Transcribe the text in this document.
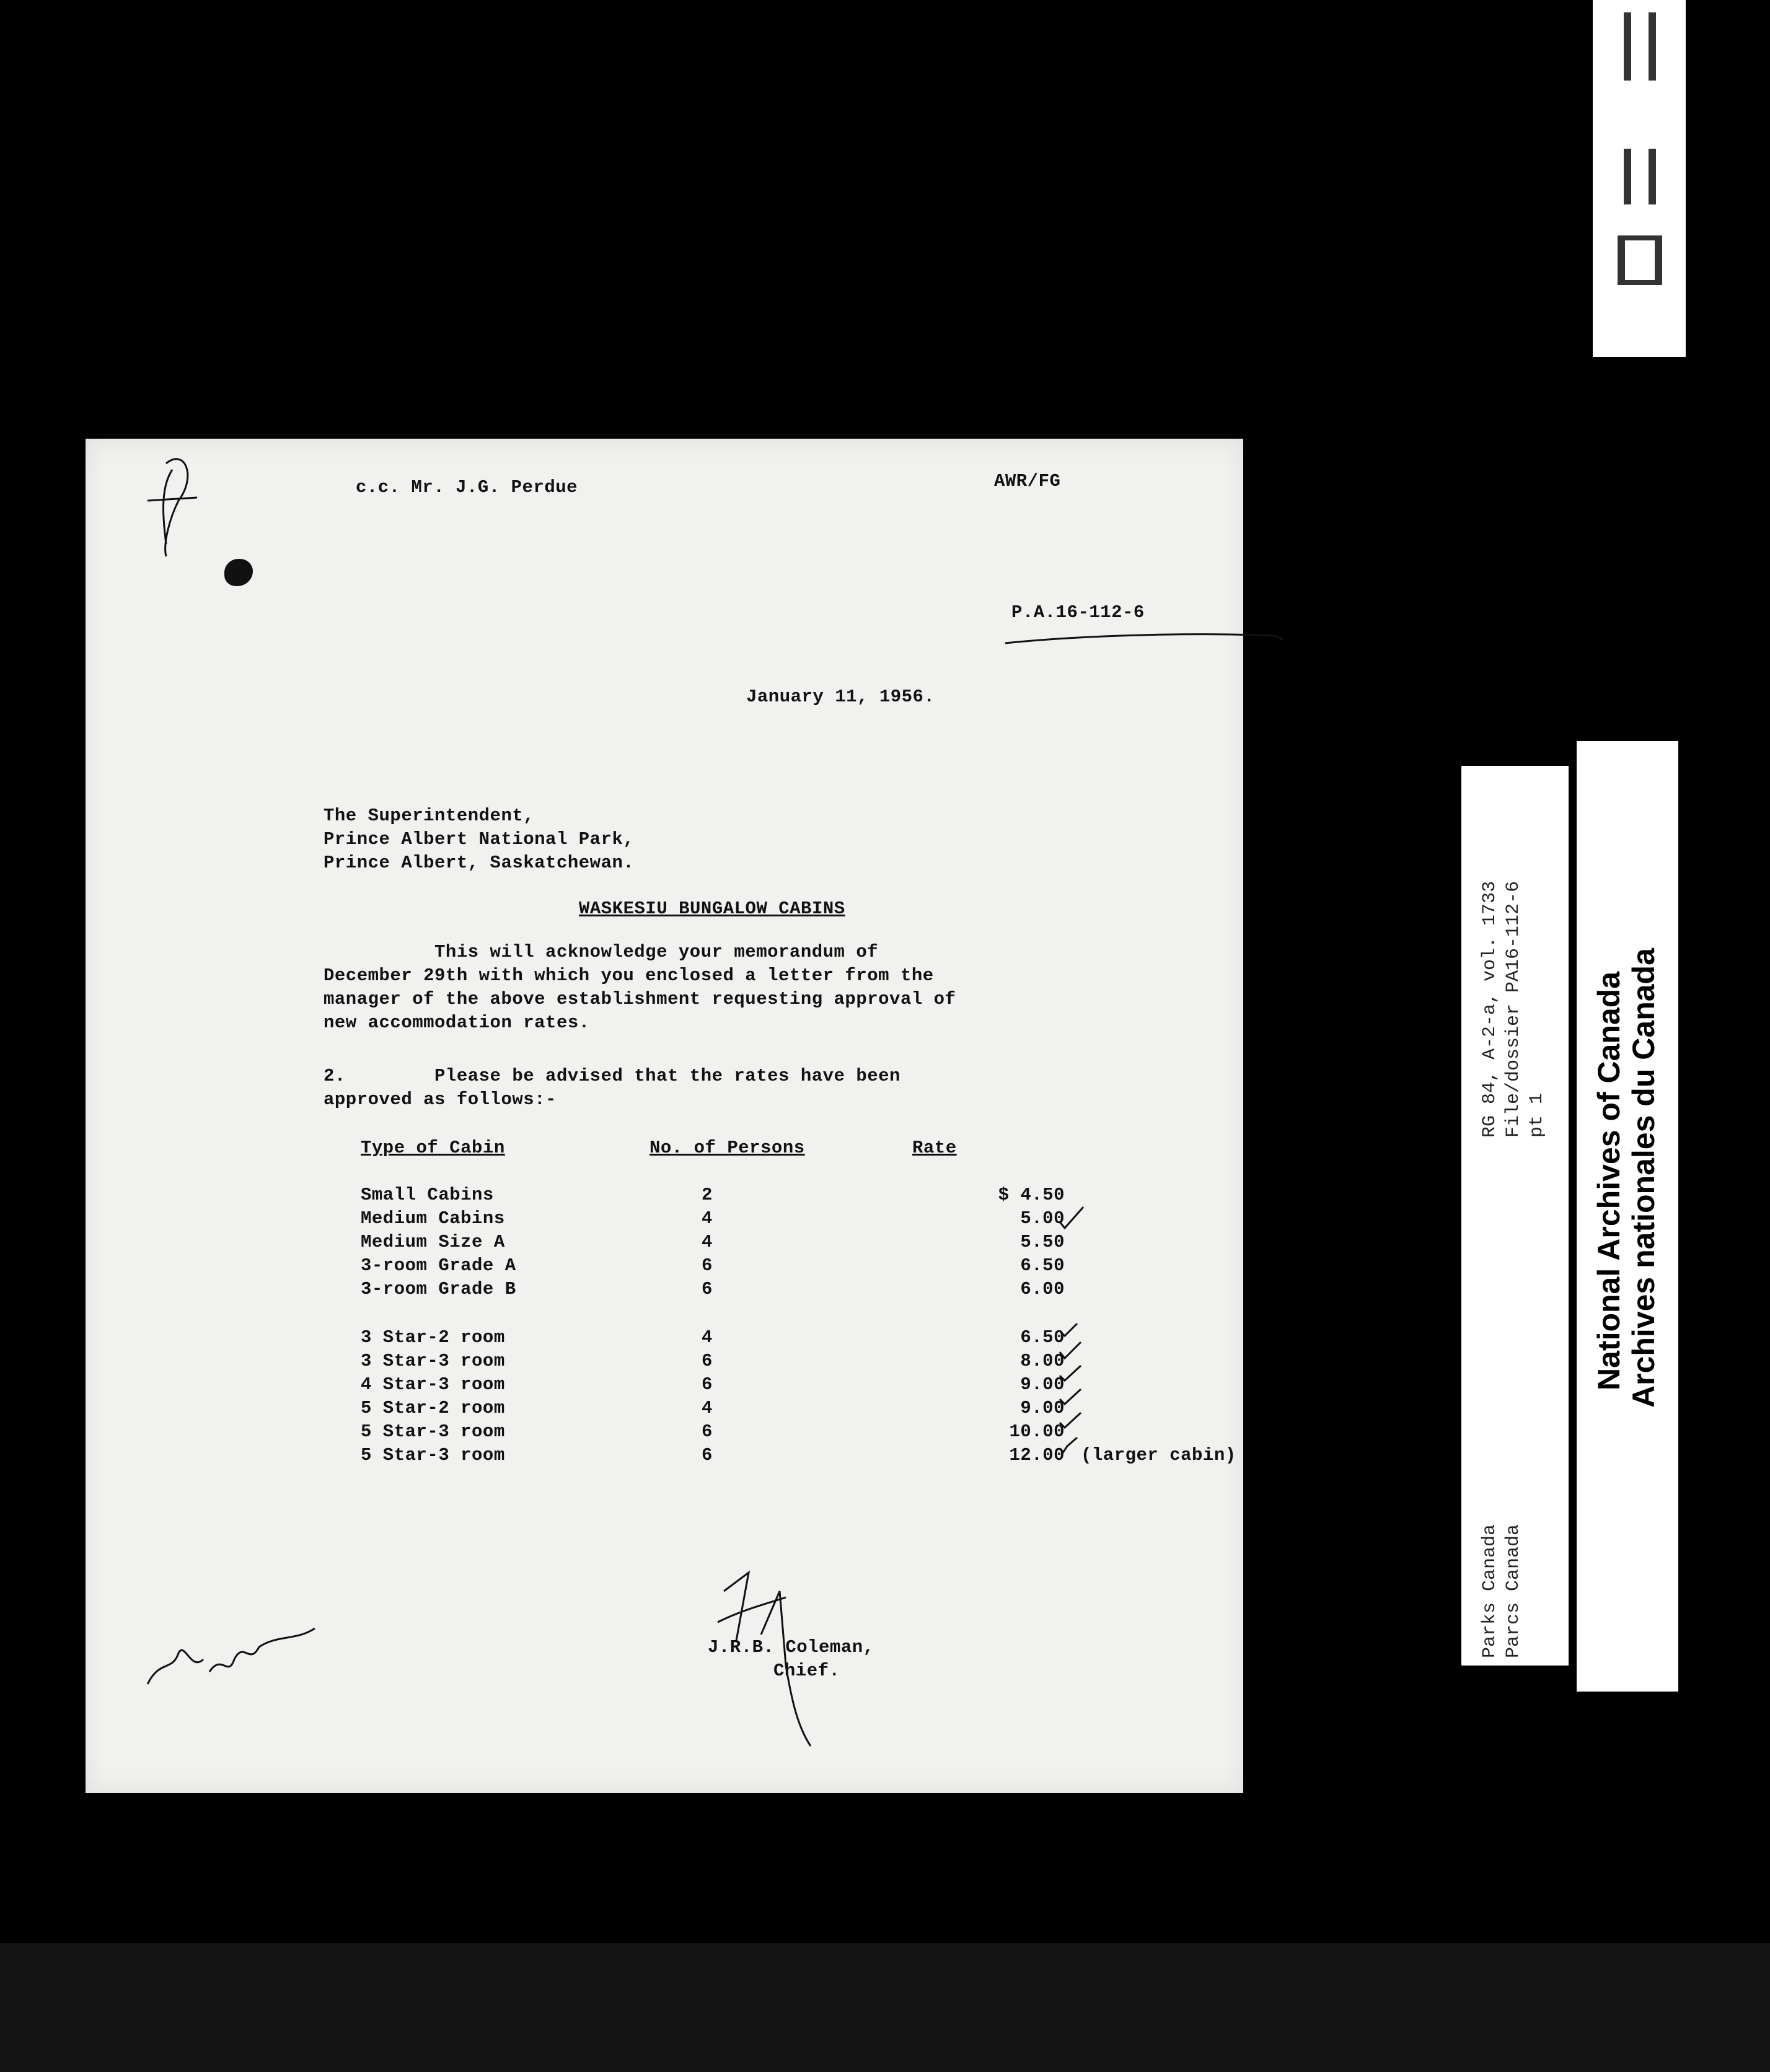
c.c. Mr. J.G. Perdue	AWR/FG
P.A.16-112-6
January 11, 1956.
The Superintendent,
Prince Albert National Park,
Prince Albert, Saskatchewan.
WASKESIU BUNGALOW CABINS
This will acknowledge your memorandum of
December 29th with which you enclosed a letter from the
manager of the above establishment requesting approval of
new accommodation rates.
2.        Please be advised that the rates have been
approved as follows:-
Type of Cabin	No. of Persons	Rate
Small Cabins	2	$ 4.50
Medium Cabins	4	5.00
Medium Size A	4	5.50
3-room Grade A	6	6.50
3-room Grade B	6	6.00
3 Star-2 room	4	6.50
3 Star-3 room	6	8.00
4 Star-3 room	6	9.00
5 Star-2 room	4	9.00
5 Star-3 room	6	10.00
5 Star-3 room	6	12.00 (larger cabin)
J.R.B. Coleman,
Chief.
RG 84, A-2-a, vol. 1733 File/dossier PA16-112-6 pt 1
Parks Canada Parcs Canada
National Archives of Canada Archives nationales du Canada
